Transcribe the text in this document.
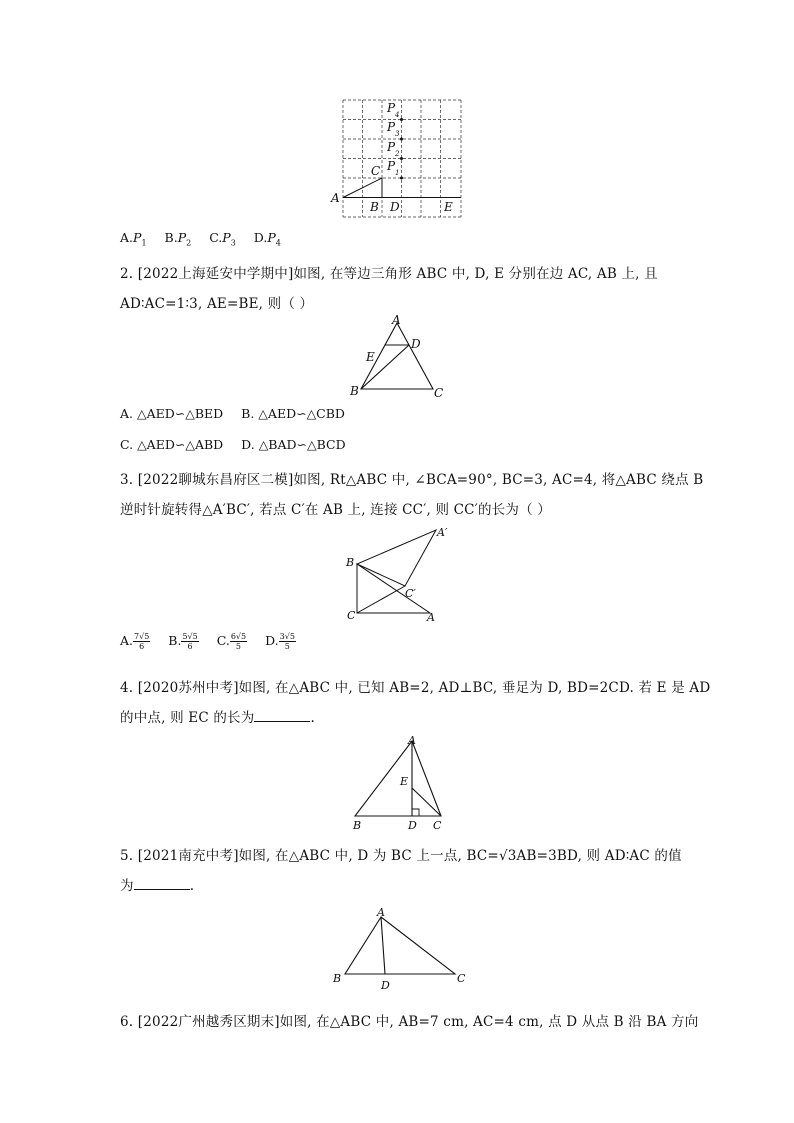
A
B
C
D	E
P
P
P
P
4
3
2
1
$A.P_1$ $B.P_2$ $C.P_3$ $D.P_4$
2. [2022上海延安中学期中]如图, 在等边三角形 ABC 中, D, E 分别在边 AC, AB 上, 且
AD∶AC=1∶3, AE=BE, 则（ ）
A
D
E
B	C
A. △AED∽△BED B. △AED∽△CBD
C. △AED∽△ABD D. △BAD∽△BCD
3. [2022聊城东昌府区二模]如图, Rt△ABC 中, ∠BCA=90°, BC=3, AC=4, 将△ABC 绕点 B
逆时针旋转得△A′BC′, 若点 C′在 AB 上, 连接 CC′, 则 CC′的长为（ ）
B
C	A
A′
C′
A. $\frac{7√5}{6} B$. $\frac{5√5}{6} C$. $\frac{6√5}{5} D$. $\frac{3√5}{5}$
4. [2020苏州中考]如图, 在△ABC 中, 已知 AB=2, AD⊥BC, 垂足为 D, BD=2CD. 若 E 是 AD
的中点, 则 EC 的长为	.
A
E
B	D C
5. [2021南充中考]如图, 在△ABC 中, D 为 BC 上一点, BC=√3AB=3BD, 则 AD∶AC 的值
为	.
A
B
D
C
6. [2022广州越秀区期末]如图, 在△ABC 中, AB=7 cm, AC=4 cm, 点 D 从点 B 沿 BA 方向
